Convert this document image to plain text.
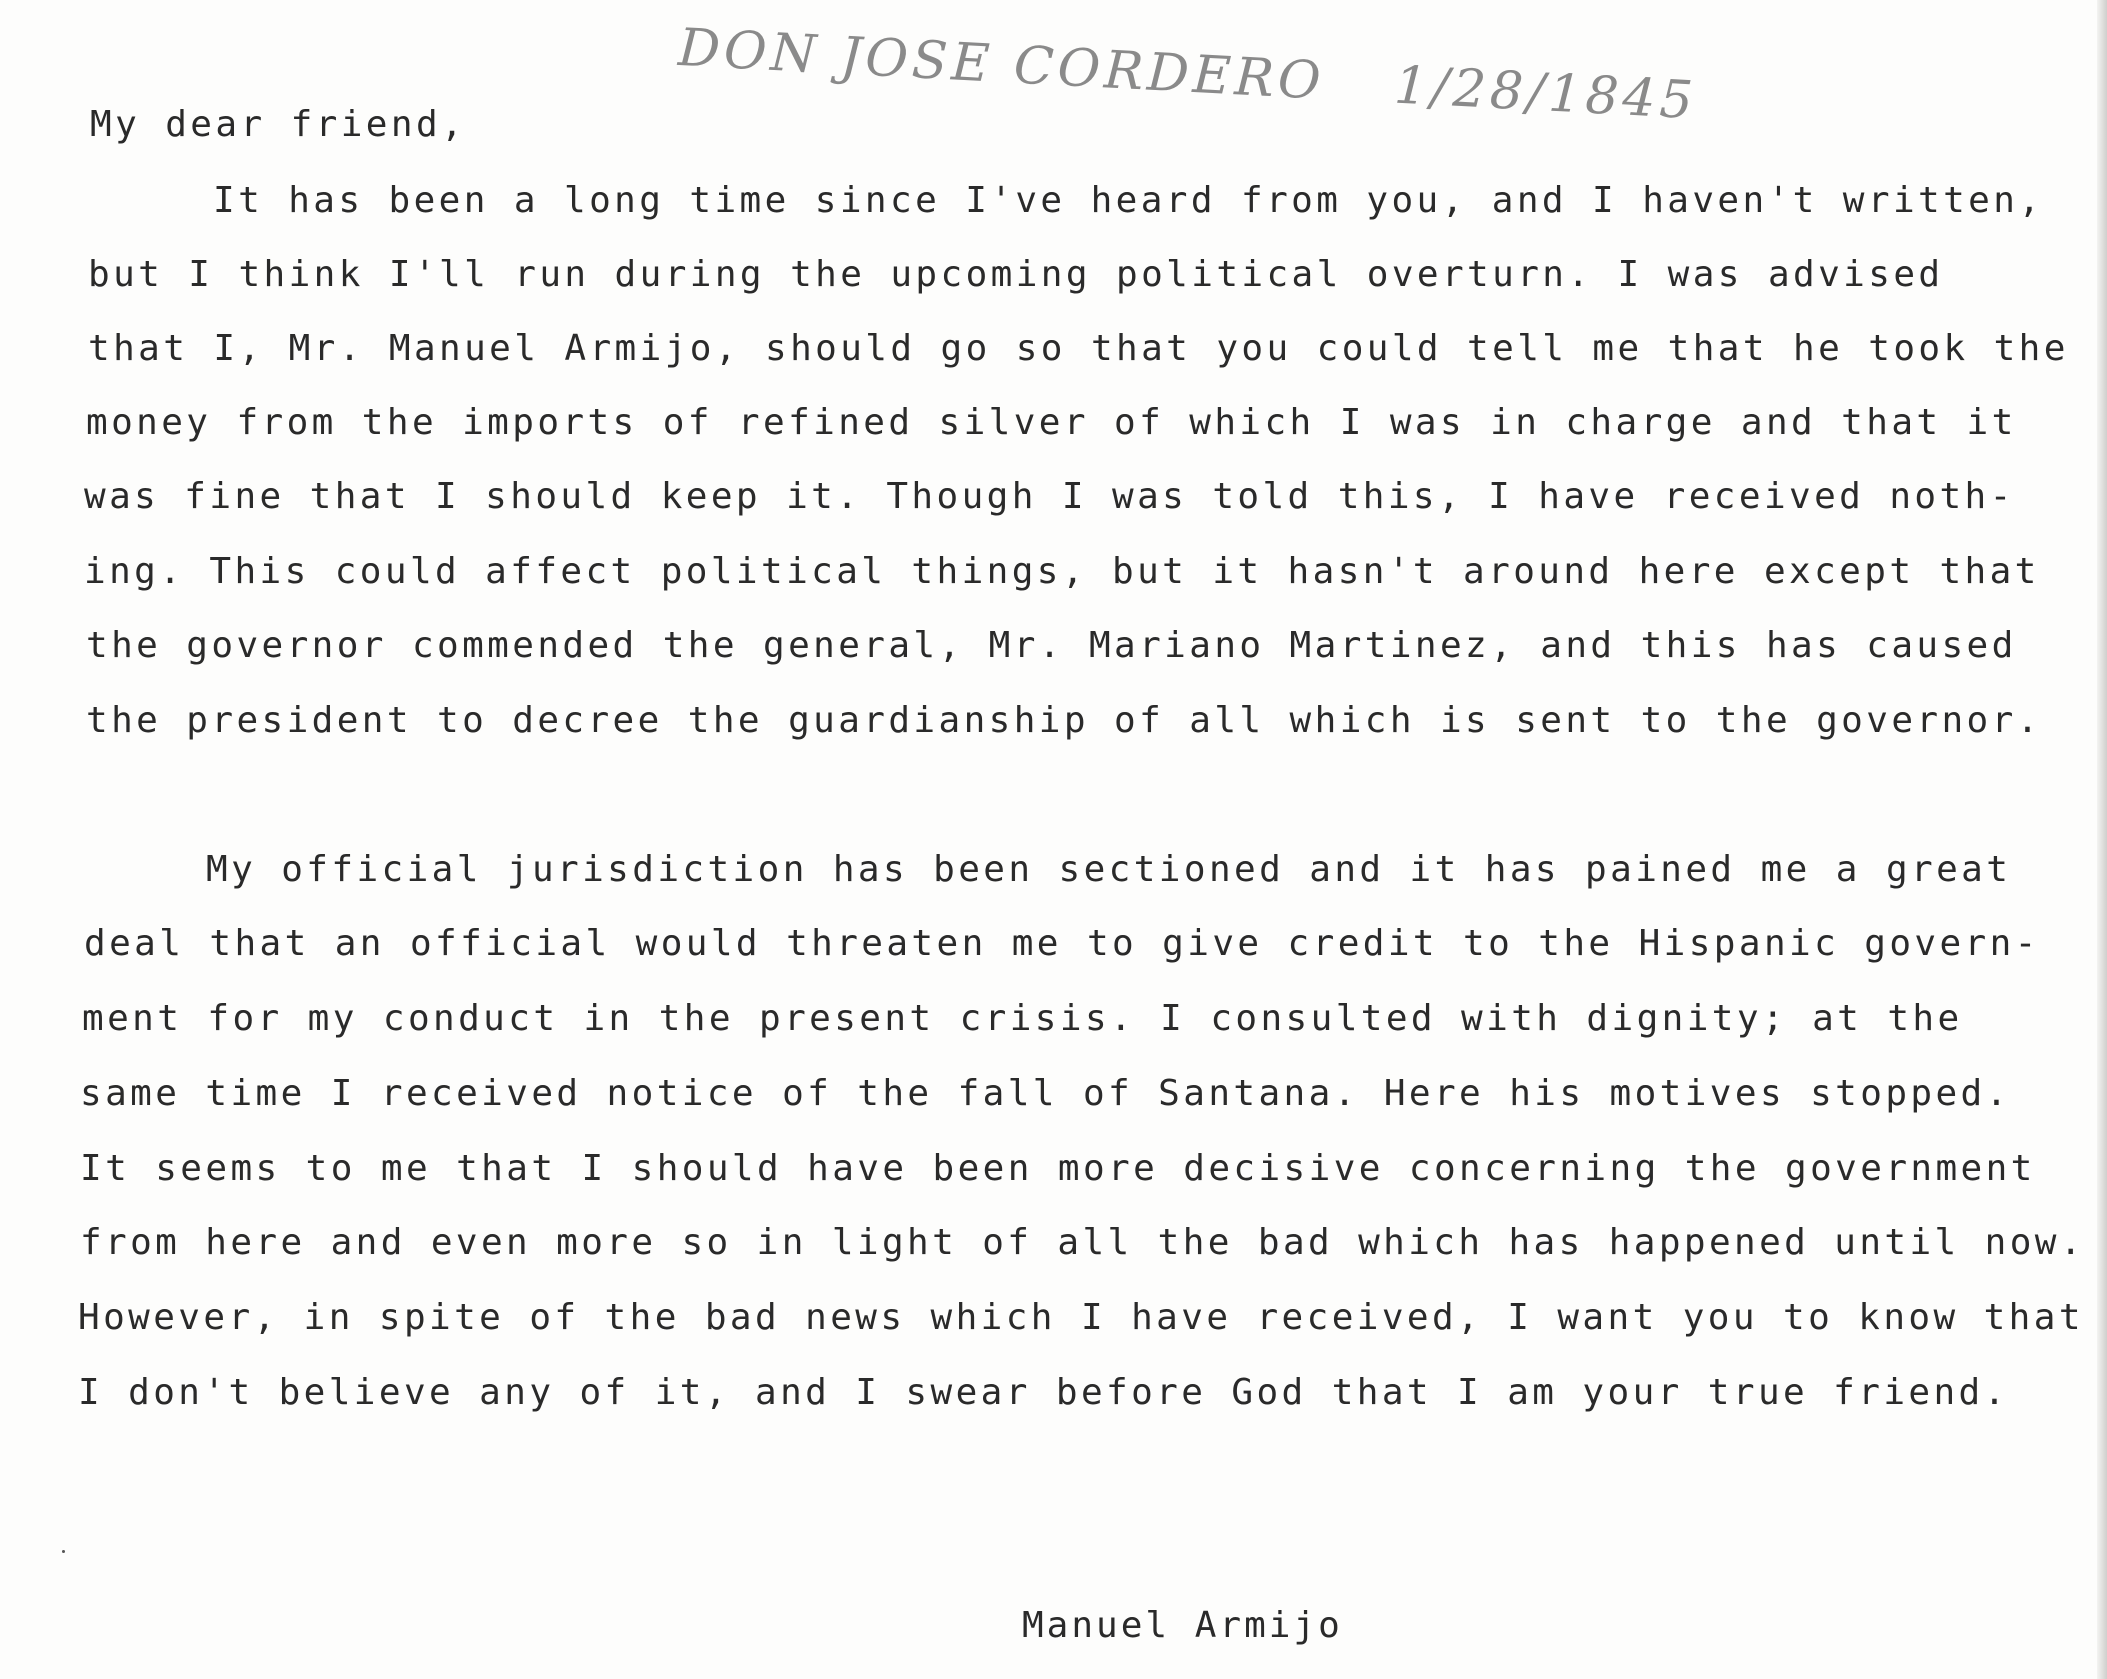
DON JOSE CORDERO 1/28/1845
My dear friend,
It has been a long time since I've heard from you, and I haven't written,
but I think I'll run during the upcoming political overturn. I was advised
that I, Mr. Manuel Armijo, should go so that you could tell me that he took the
money from the imports of refined silver of which I was in charge and that it
was fine that I should keep it. Though I was told this, I have received noth-
ing. This could affect political things, but it hasn't around here except that
the governor commended the general, Mr. Mariano Martinez, and this has caused
the president to decree the guardianship of all which is sent to the governor.
My official jurisdiction has been sectioned and it has pained me a great
deal that an official would threaten me to give credit to the Hispanic govern-
ment for my conduct in the present crisis. I consulted with dignity; at the
same time I received notice of the fall of Santana. Here his motives stopped.
It seems to me that I should have been more decisive concerning the government
from here and even more so in light of all the bad which has happened until now.
However, in spite of the bad news which I have received, I want you to know that
I don't believe any of it, and I swear before God that I am your true friend.
Manuel Armijo
